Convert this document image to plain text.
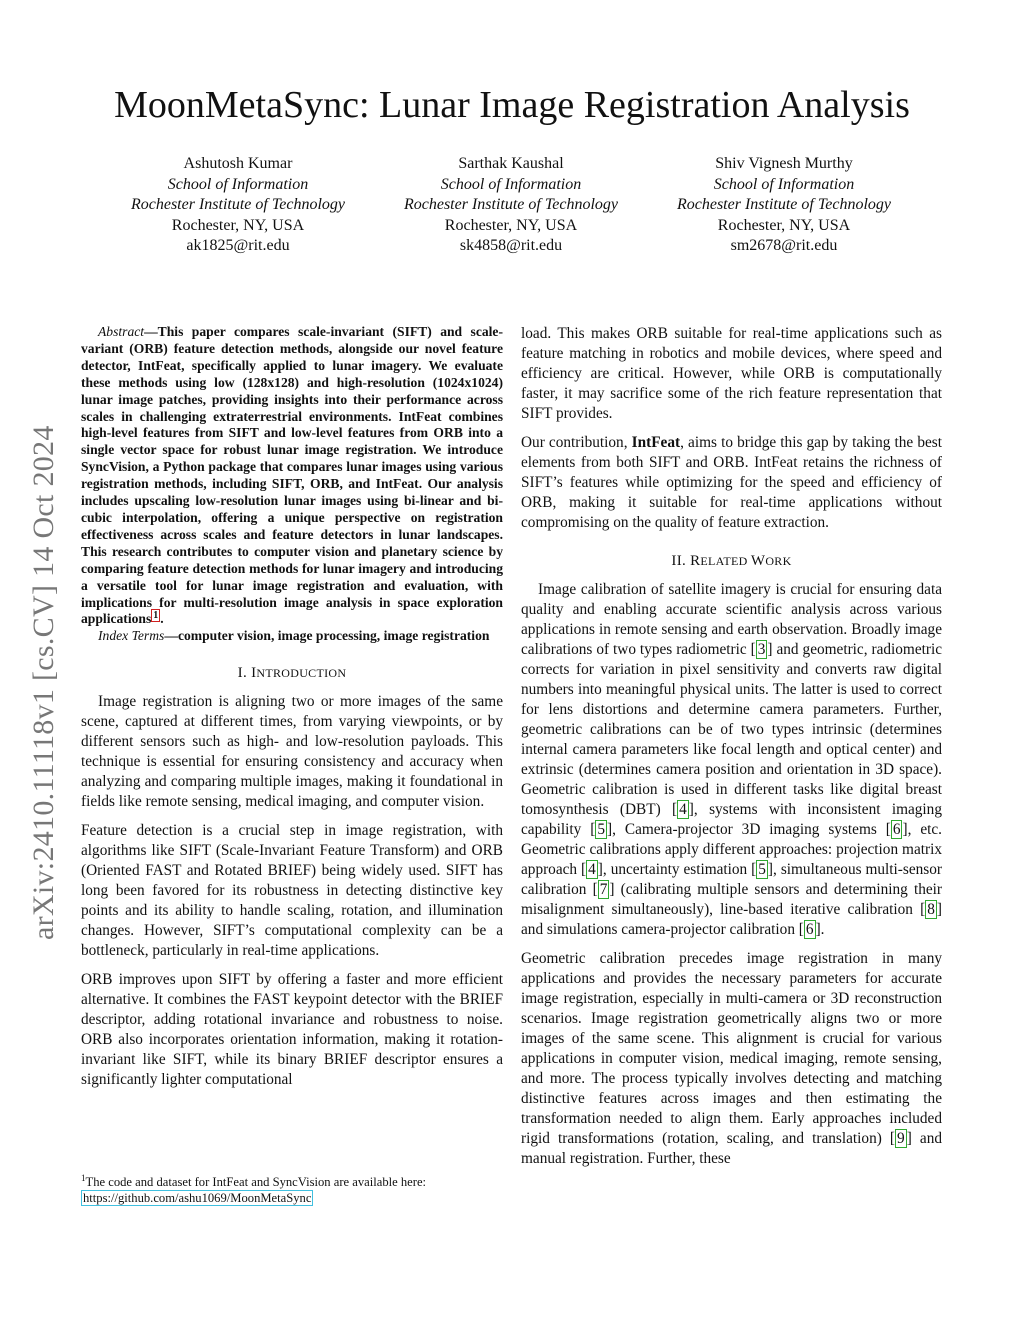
MoonMetaSync: Lunar Image Registration Analysis
Ashutosh Kumar
School of Information
Rochester Institute of Technology
Rochester, NY, USA
ak1825@rit.edu
Sarthak Kaushal
School of Information
Rochester Institute of Technology
Rochester, NY, USA
sk4858@rit.edu
Shiv Vignesh Murthy
School of Information
Rochester Institute of Technology
Rochester, NY, USA
sm2678@rit.edu
arXiv:2410.11118v1 [cs.CV] 14 Oct 2024

Abstract—This paper compares scale-invariant (SIFT) and scale-variant (ORB) feature detection methods, alongside our novel feature detector, IntFeat, specifically applied to lunar imagery. We evaluate these methods using low (128x128) and high-resolution (1024x1024) lunar image patches, providing insights into their performance across scales in challenging extraterrestrial environments. IntFeat combines high-level features from SIFT and low-level features from ORB into a single vector space for robust lunar image registration. We introduce SyncVision, a Python package that compares lunar images using various registration methods, including SIFT, ORB, and IntFeat. Our analysis includes upscaling low-resolution lunar images using bi-linear and bi-cubic interpolation, offering a unique perspective on registration effectiveness across scales and feature detectors in lunar landscapes. This research contributes to computer vision and planetary science by comparing feature detection methods for lunar imagery and introducing a versatile tool for lunar image registration and evaluation, with implications for multi-resolution image analysis in space exploration applications $^1$ .

Index Terms—computer vision, image processing, image registration

I. INTRODUCTION

Image registration is aligning two or more images of the same scene, captured at different times, from varying viewpoints, or by different sensors such as high- and low-resolution payloads. This technique is essential for ensuring consistency and accuracy when analyzing and comparing multiple images, making it foundational in fields like remote sensing, medical imaging, and computer vision.

Feature detection is a crucial step in image registration, with algorithms like SIFT (Scale-Invariant Feature Transform) and ORB (Oriented FAST and Rotated BRIEF) being widely used. SIFT has long been favored for its robustness in detecting distinctive key points and its ability to handle scaling, rotation, and illumination changes. However, SIFT’s computational complexity can be a bottleneck, particularly in real-time applications.

ORB improves upon SIFT by offering a faster and more efficient alternative. It combines the FAST keypoint detector with the BRIEF descriptor, adding rotational invariance and robustness to noise. ORB also incorporates orientation information, making it rotation-invariant like SIFT, while its binary BRIEF descriptor ensures a significantly lighter computational

$^1$The code and dataset for IntFeat and SyncVision are available here:
https://github.com/ashu1069/MoonMetaSync

load. This makes ORB suitable for real-time applications such as feature matching in robotics and mobile devices, where speed and efficiency are critical. However, while ORB is computationally faster, it may sacrifice some of the rich feature representation that SIFT provides.

Our contribution, IntFeat, aims to bridge this gap by taking the best elements from both SIFT and ORB. IntFeat retains the richness of SIFT’s features while optimizing for the speed and efficiency of ORB, making it suitable for real-time applications without compromising on the quality of feature extraction.

II. RELATED WORK

Image calibration of satellite imagery is crucial for ensuring data quality and enabling accurate scientific analysis across various applications in remote sensing and earth observation. Broadly image calibrations of two types radiometric [ 3 ] and geometric, radiometric corrects for variation in pixel sensitivity and converts raw digital numbers into meaningful physical units. The latter is used to correct for lens distortions and determine camera parameters. Further, geometric calibrations can be of two types intrinsic (determines internal camera parameters like focal length and optical center) and extrinsic (determines camera position and orientation in 3D space). Geometric calibration is used in different tasks like digital breast tomosynthesis (DBT) [ 4 ], systems with inconsistent imaging capability [ 5 ], Camera-projector 3D imaging systems [ 6 ], etc. Geometric calibrations apply different approaches: projection matrix approach [ 4 ], uncertainty estimation [ 5 ], simultaneous multi-sensor calibration [ 7 ] (calibrating multiple sensors and determining their misalignment simultaneously), line-based iterative calibration [ 8 ] and simulations camera-projector calibration [ 6 ].

Geometric calibration precedes image registration in many applications and provides the necessary parameters for accurate image registration, especially in multi-camera or 3D reconstruction scenarios. Image registration geometrically aligns two or more images of the same scene. This alignment is crucial for various applications in computer vision, medical imaging, remote sensing, and more. The process typically involves detecting and matching distinctive features across images and then estimating the transformation needed to align them. Early approaches included rigid transformations (rotation, scaling, and translation) [ 9 ] and manual registration. Further, these
